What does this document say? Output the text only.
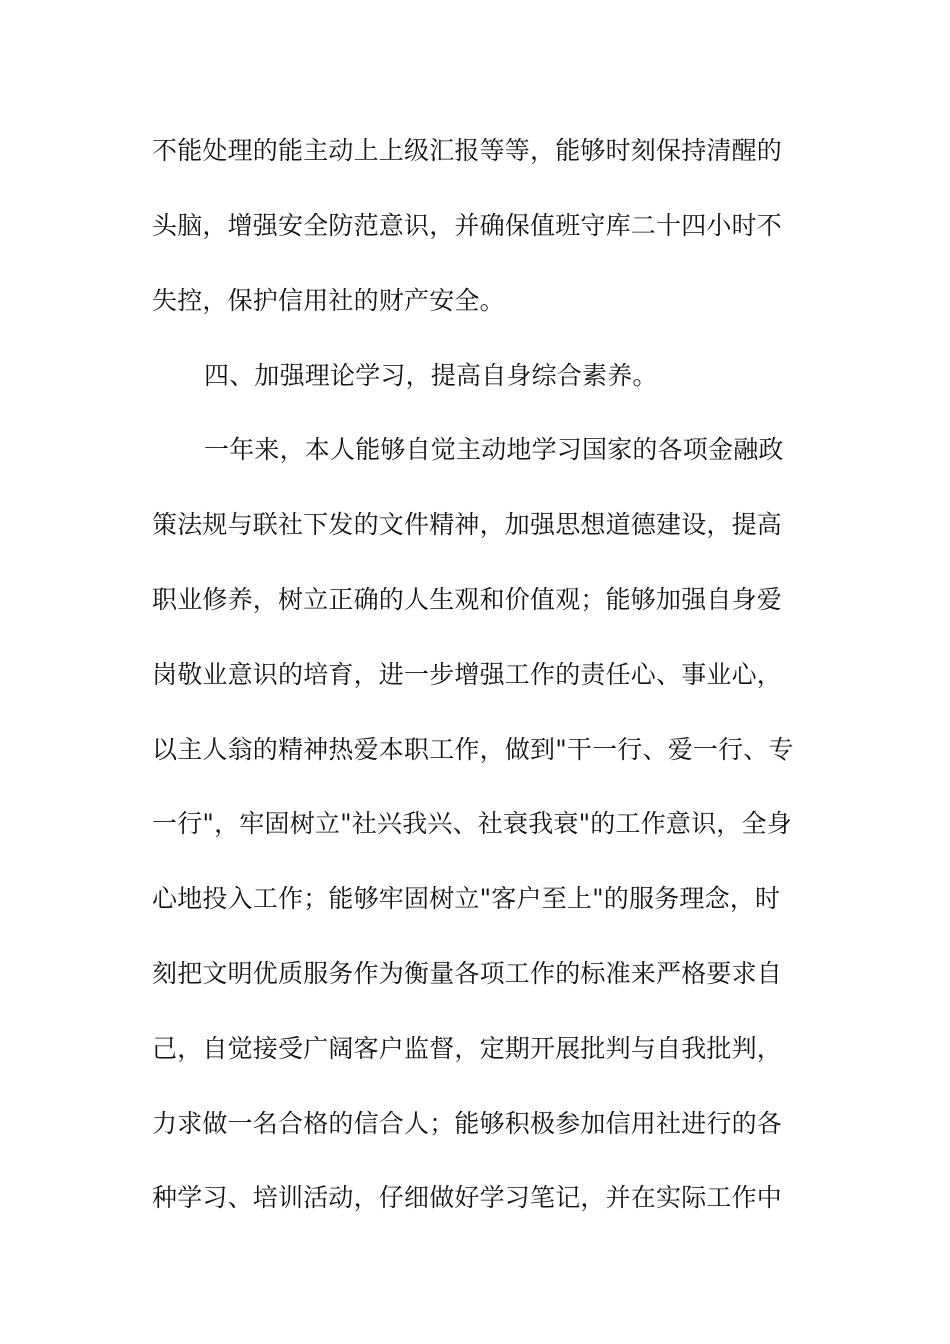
不能处理的能主动上上级汇报等等，能够时刻保持清醒的
头脑，增强安全防范意识，并确保值班守库二十四小时不
失控，保护信用社的财产安全。
四、加强理论学习，提高自身综合素养。
一年来，本人能够自觉主动地学习国家的各项金融政
策法规与联社下发的文件精神，加强思想道德建设，提高
职业修养，树立正确的人生观和价值观；能够加强自身爱
岗敬业意识的培育，进一步增强工作的责任心、事业心，
以主人翁的精神热爱本职工作，做到"干一行、爱一行、专
一行"，牢固树立"社兴我兴、社衰我衰"的工作意识，全身
心地投入工作；能够牢固树立"客户至上"的服务理念，时
刻把文明优质服务作为衡量各项工作的标准来严格要求自
己，自觉接受广阔客户监督，定期开展批判与自我批判，
力求做一名合格的信合人；能够积极参加信用社进行的各
种学习、培训活动，仔细做好学习笔记，并在实际工作中
